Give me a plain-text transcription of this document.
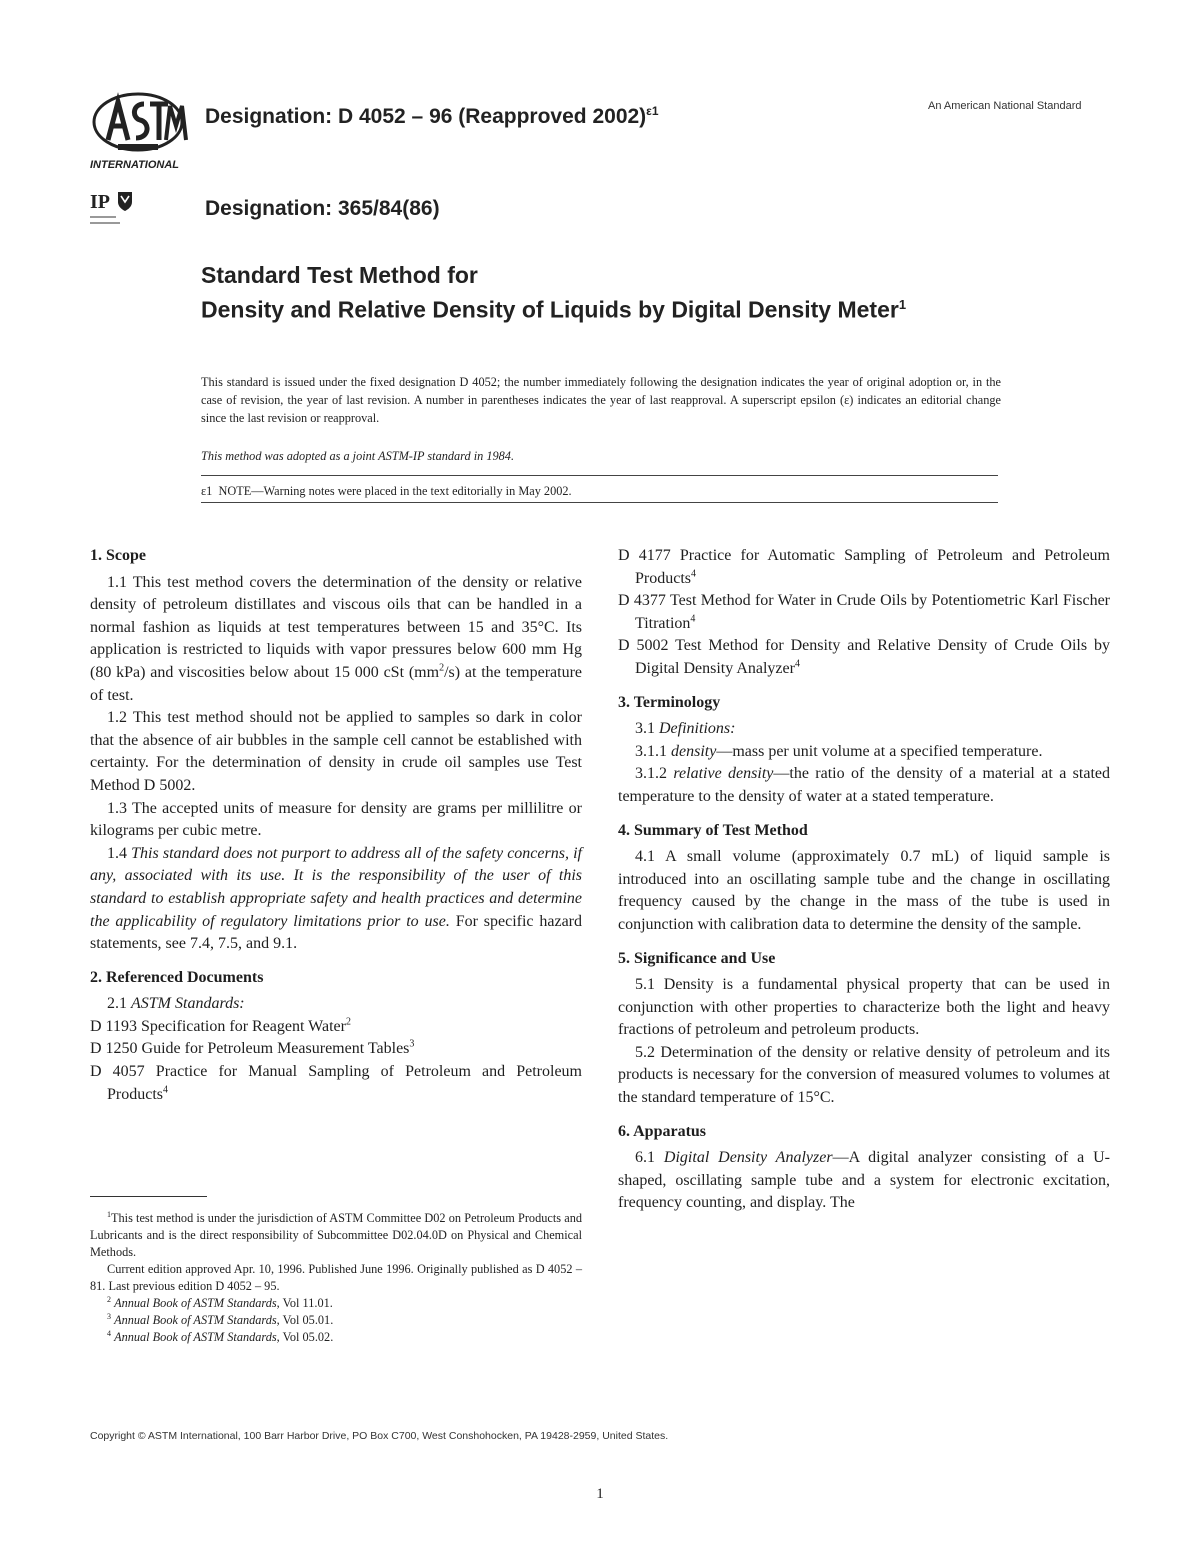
INTERNATIONAL
IP
Designation: D 4052 – 96 (Reapproved 2002)$^{\varepsilon 1}$
Designation: 365/84(86)
An American National Standard
Standard Test Method for
Density and Relative Density of Liquids by Digital Density Meter$^1$
This standard is issued under the fixed designation D 4052; the number immediately following the designation indicates the year of original adoption or, in the case of revision, the year of last revision. A number in parentheses indicates the year of last reapproval. A superscript epsilon (ε) indicates an editorial change since the last revision or reapproval.
This method was adopted as a joint ASTM-IP standard in 1984.
ε1 NOTE—Warning notes were placed in the text editorially in May 2002.

1. Scope

1.1 This test method covers the determination of the density or relative density of petroleum distillates and viscous oils that can be handled in a normal fashion as liquids at test temperatures between 15 and 35°C. Its application is restricted to liquids with vapor pressures below 600 mm Hg (80 kPa) and viscosities below about 15 000 cSt $(mm^2/s)$ at the temperature of test.

1.2 This test method should not be applied to samples so dark in color that the absence of air bubbles in the sample cell cannot be established with certainty. For the determination of density in crude oil samples use Test Method D 5002.

1.3 The accepted units of measure for density are grams per millilitre or kilograms per cubic metre.

1.4 This standard does not purport to address all of the safety concerns, if any, associated with its use. It is the responsibility of the user of this standard to establish appropriate safety and health practices and determine the applicability of regulatory limitations prior to use. For specific hazard statements, see 7.4, 7.5, and 9.1.

2. Referenced Documents

2.1 ASTM Standards:

D 1193 Specification for Reagent Water$^2$

D 1250 Guide for Petroleum Measurement Tables$^3$

D 4057 Practice for Manual Sampling of Petroleum and Petroleum Products$^4$

D 4177 Practice for Automatic Sampling of Petroleum and Petroleum Products$^4$

D 4377 Test Method for Water in Crude Oils by Potentiometric Karl Fischer Titration$^4$

D 5002 Test Method for Density and Relative Density of Crude Oils by Digital Density Analyzer$^4$

3. Terminology

3.1 Definitions:

3.1.1 density—mass per unit volume at a specified temperature.

3.1.2 relative density—the ratio of the density of a material at a stated temperature to the density of water at a stated temperature.

4. Summary of Test Method

4.1 A small volume (approximately 0.7 mL) of liquid sample is introduced into an oscillating sample tube and the change in oscillating frequency caused by the change in the mass of the tube is used in conjunction with calibration data to determine the density of the sample.

5. Significance and Use

5.1 Density is a fundamental physical property that can be used in conjunction with other properties to characterize both the light and heavy fractions of petroleum and petroleum products.

5.2 Determination of the density or relative density of petroleum and its products is necessary for the conversion of measured volumes to volumes at the standard temperature of 15°C.

6. Apparatus

6.1 Digital Density Analyzer—A digital analyzer consisting of a U-shaped, oscillating sample tube and a system for electronic excitation, frequency counting, and display. The

$^1$This test method is under the jurisdiction of ASTM Committee D02 on Petroleum Products and Lubricants and is the direct responsibility of Subcommittee D02.04.0D on Physical and Chemical Methods.

Current edition approved Apr. 10, 1996. Published June 1996. Originally published as D 4052 – 81. Last previous edition D 4052 – 95.

$^2$ Annual Book of ASTM Standards, Vol 11.01.

$^3$ Annual Book of ASTM Standards, Vol 05.01.

$^4$ Annual Book of ASTM Standards, Vol 05.02.

Copyright © ASTM International, 100 Barr Harbor Drive, PO Box C700, West Conshohocken, PA 19428-2959, United States.
1
